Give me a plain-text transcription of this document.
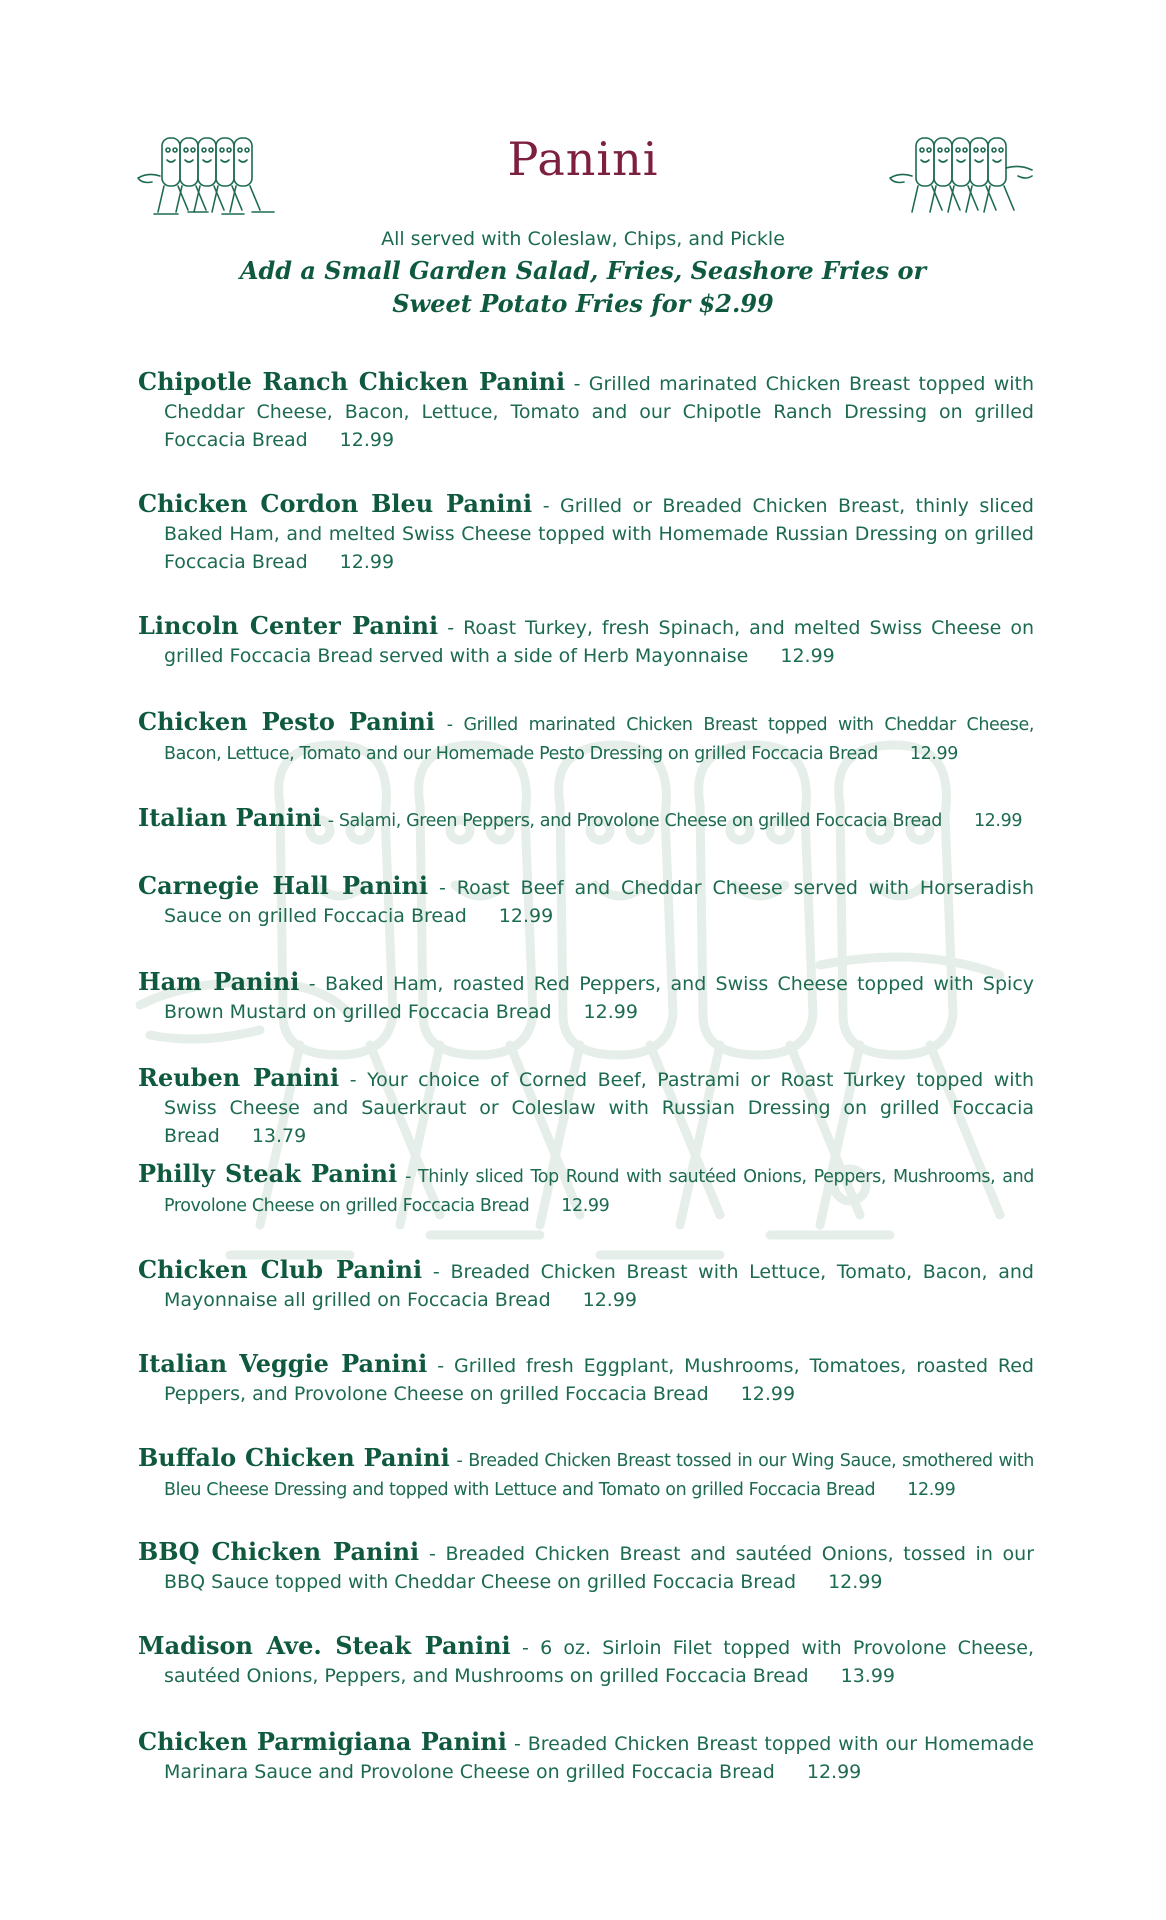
Panini
All served with Coleslaw, Chips, and Pickle
Add a Small Garden Salad, Fries, Seashore Fries or
Sweet Potato Fries for $2.99
Chipotle Ranch Chicken Panini - Grilled marinated Chicken Breast topped with Cheddar Cheese, Bacon, Lettuce, Tomato and our Chipotle Ranch Dressing on grilled Foccacia Bread 12.99
Chicken Cordon Bleu Panini - Grilled or Breaded Chicken Breast, thinly sliced Baked Ham, and melted Swiss Cheese topped with Homemade Russian Dressing on grilled Foccacia Bread 12.99
Lincoln Center Panini - Roast Turkey, fresh Spinach, and melted Swiss Cheese on grilled Foccacia Bread served with a side of Herb Mayonnaise 12.99
Chicken Pesto Panini - Grilled marinated Chicken Breast topped with Cheddar Cheese, Bacon, Lettuce, Tomato and our Homemade Pesto Dressing on grilled Foccacia Bread 12.99
Italian Panini - Salami, Green Peppers, and Provolone Cheese on grilled Foccacia Bread 12.99
Carnegie Hall Panini - Roast Beef and Cheddar Cheese served with Horseradish Sauce on grilled Foccacia Bread 12.99
Ham Panini - Baked Ham, roasted Red Peppers, and Swiss Cheese topped with Spicy Brown Mustard on grilled Foccacia Bread 12.99
Reuben Panini - Your choice of Corned Beef, Pastrami or Roast Turkey topped with Swiss Cheese and Sauerkraut or Coleslaw with Russian Dressing on grilled Foccacia Bread 13.79
Philly Steak Panini - Thinly sliced Top Round with sautéed Onions, Peppers, Mushrooms, and Provolone Cheese on grilled Foccacia Bread 12.99
Chicken Club Panini - Breaded Chicken Breast with Lettuce, Tomato, Bacon, and Mayonnaise all grilled on Foccacia Bread 12.99
Italian Veggie Panini - Grilled fresh Eggplant, Mushrooms, Tomatoes, roasted Red Peppers, and Provolone Cheese on grilled Foccacia Bread 12.99
Buffalo Chicken Panini - Breaded Chicken Breast tossed in our Wing Sauce, smothered with Bleu Cheese Dressing and topped with Lettuce and Tomato on grilled Foccacia Bread 12.99
BBQ Chicken Panini - Breaded Chicken Breast and sautéed Onions, tossed in our BBQ Sauce topped with Cheddar Cheese on grilled Foccacia Bread 12.99
Madison Ave. Steak Panini - 6 oz. Sirloin Filet topped with Provolone Cheese, sautéed Onions, Peppers, and Mushrooms on grilled Foccacia Bread 13.99
Chicken Parmigiana Panini - Breaded Chicken Breast topped with our Homemade Marinara Sauce and Provolone Cheese on grilled Foccacia Bread 12.99
